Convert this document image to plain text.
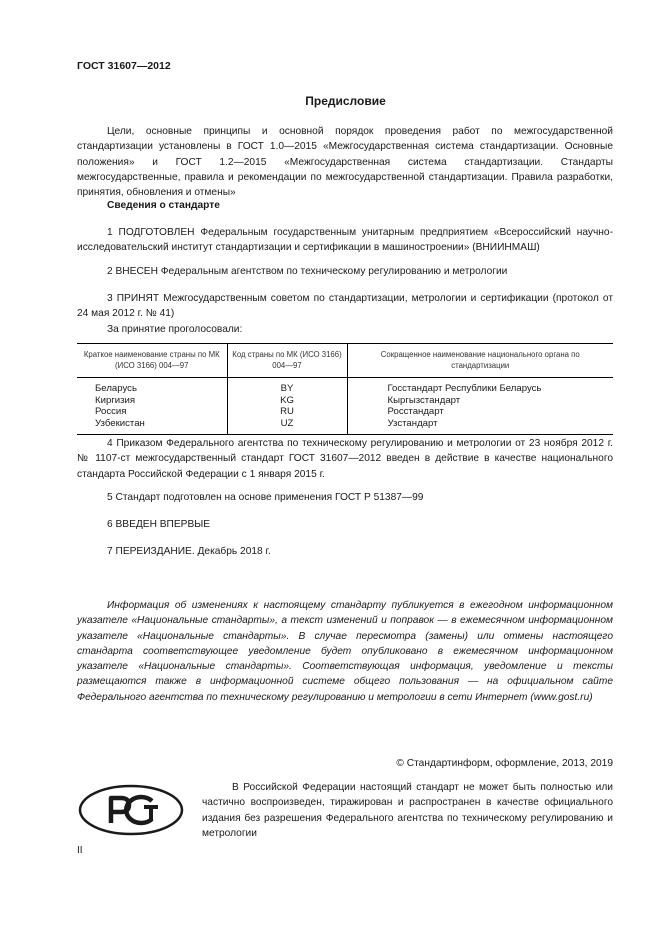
ГОСТ 31607—2012
Предисловие
Цели, основные принципы и основной порядок проведения работ по межгосударственной стандартизации установлены в ГОСТ 1.0—2015 «Межгосударственная система стандартизации. Основные положения» и ГОСТ 1.2—2015 «Межгосударственная система стандартизации. Стандарты межгосударственные, правила и рекомендации по межгосударственной стандартизации. Правила разработки, принятия, обновления и отмены»
Сведения о стандарте
1 ПОДГОТОВЛЕН Федеральным государственным унитарным предприятием «Всероссийский научно-исследовательский институт стандартизации и сертификации в машиностроении» (ВНИИНМАШ)
2 ВНЕСЕН Федеральным агентством по техническому регулированию и метрологии
3 ПРИНЯТ Межгосударственным советом по стандартизации, метрологии и сертификации (протокол от 24 мая 2012 г. № 41)
За принятие проголосовали:
Краткое наименование страны по МК (ИСО 3166) 004—97	Код страны по МК (ИСО 3166) 004—97	Сокращенное наименование национального органа по стандартизации
Беларусь	BY	Госстандарт Республики Беларусь
Киргизия	KG	Кыргызстандарт
Россия	RU	Росстандарт
Узбекистан	UZ	Узстандарт
4 Приказом Федерального агентства по техническому регулированию и метрологии от 23 ноября 2012 г. № 1107-ст межгосударственный стандарт ГОСТ 31607—2012 введен в действие в качестве национального стандарта Российской Федерации с 1 января 2015 г.
5 Стандарт подготовлен на основе применения ГОСТ Р 51387—99
6 ВВЕДЕН ВПЕРВЫЕ
7 ПЕРЕИЗДАНИЕ. Декабрь 2018 г.
Информация об изменениях к настоящему стандарту публикуется в ежегодном информационном указателе «Национальные стандарты», а текст изменений и поправок — в ежемесячном информационном указателе «Национальные стандарты». В случае пересмотра (замены) или отмены настоящего стандарта соответствующее уведомление будет опубликовано в ежемесячном информационном указателе «Национальные стандарты». Соответствующая информация, уведомление и тексты размещаются также в информационной системе общего пользования — на официальном сайте Федерального агентства по техническому регулированию и метрологии в сети Интернет (www.gost.ru)
© Стандартинформ, оформление, 2013, 2019
В Российской Федерации настоящий стандарт не может быть полностью или частично воспроизведен, тиражирован и распространен в качестве официального издания без разрешения Федерального агентства по техническому регулированию и метрологии
II
